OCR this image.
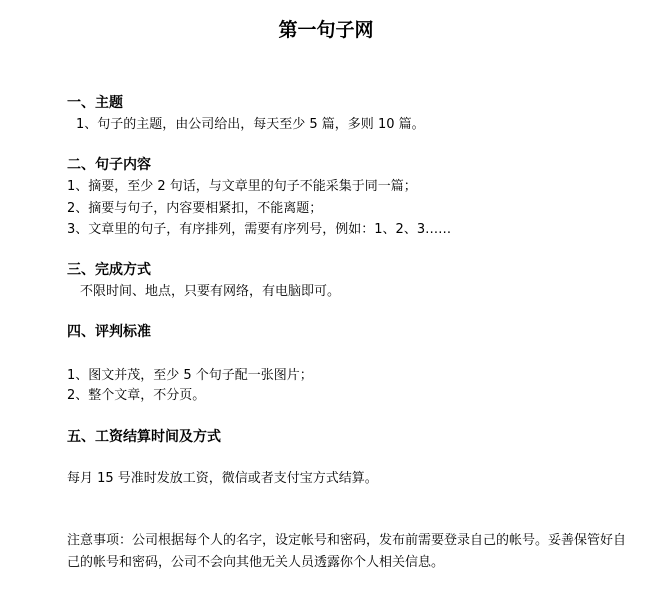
第一句子网
一、主题
1、句子的主题，由公司给出，每天至少 5 篇，多则 10 篇。
二、句子内容
1、摘要，至少 2 句话，与文章里的句子不能采集于同一篇；
2、摘要与句子，内容要相紧扣，不能离题；
3、文章里的句子，有序排列，需要有序列号，例如：1、2、3……
三、完成方式
不限时间、地点，只要有网络，有电脑即可。
四、评判标准
1、图文并茂，至少 5 个句子配一张图片；
2、整个文章，不分页。
五、工资结算时间及方式
每月 15 号准时发放工资，微信或者支付宝方式结算。
注意事项：公司根据每个人的名字，设定帐号和密码，发布前需要登录自己的帐号。妥善保管好自己的帐号和密码，公司不会向其他无关人员透露你个人相关信息。
